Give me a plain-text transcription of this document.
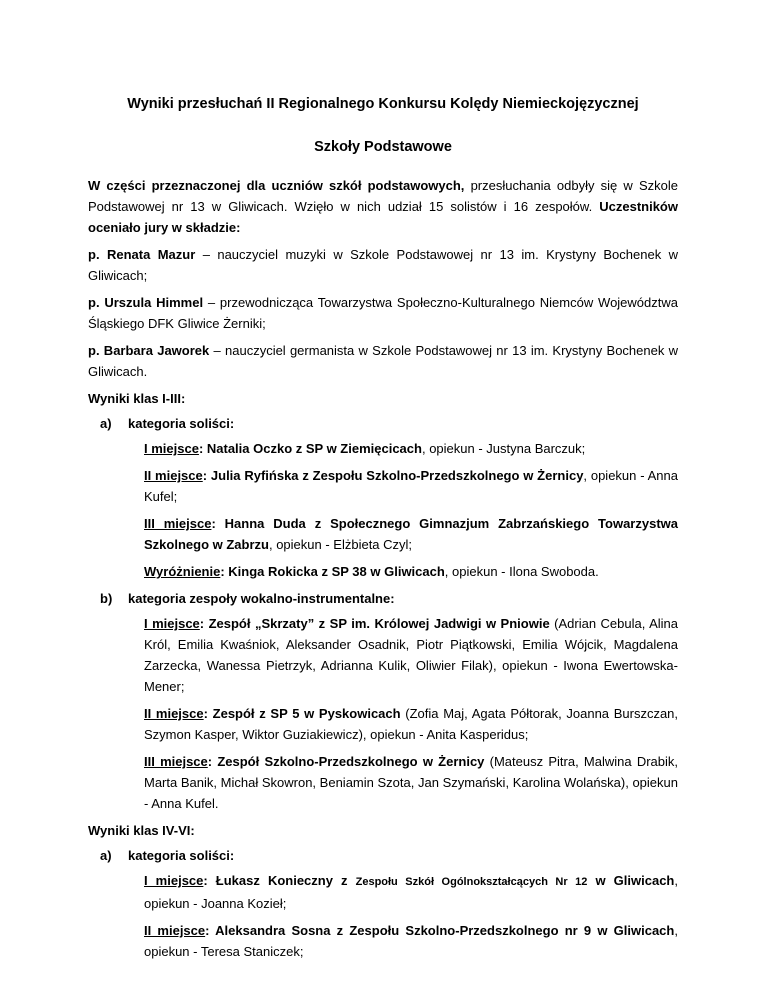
Wyniki przesłuchań II Regionalnego Konkursu Kolędy Niemieckojęzycznej
Szkoły Podstawowe

W części przeznaczonej dla uczniów szkół podstawowych, przesłuchania odbyły się w Szkole Podstawowej nr 13 w Gliwicach. Wzięło w nich udział 15 solistów i 16 zespołów. Uczestników oceniało jury w składzie:

p. Renata Mazur – nauczyciel muzyki w Szkole Podstawowej nr 13 im. Krystyny Bochenek w Gliwicach;

p. Urszula Himmel – przewodnicząca Towarzystwa Społeczno-Kulturalnego Niemców Województwa Śląskiego DFK Gliwice Żerniki;

p. Barbara Jaworek – nauczyciel germanista w Szkole Podstawowej nr 13 im. Krystyny Bochenek w Gliwicach.

Wyniki klas I-III:
a) kategoria soliści:

I miejsce: Natalia Oczko z SP w Ziemięcicach, opiekun - Justyna Barczuk;

II miejsce: Julia Ryfińska z Zespołu Szkolno-Przedszkolnego w Żernicy, opiekun - Anna Kufel;

III miejsce: Hanna Duda z Społecznego Gimnazjum Zabrzańskiego Towarzystwa Szkolnego w Zabrzu, opiekun - Elżbieta Czyl;

Wyróżnienie: Kinga Rokicka z SP 38 w Gliwicach, opiekun - Ilona Swoboda.

b) kategoria zespoły wokalno-instrumentalne:

I miejsce: Zespół „Skrzaty” z SP im. Królowej Jadwigi w Pniowie (Adrian Cebula, Alina Król, Emilia Kwaśniok, Aleksander Osadnik, Piotr Piątkowski, Emilia Wójcik, Magdalena Zarzecka, Wanessa Pietrzyk, Adrianna Kulik, Oliwier Filak), opiekun - Iwona Ewertowska-Mener;

II miejsce: Zespół z SP 5 w Pyskowicach (Zofia Maj, Agata Półtorak, Joanna Burszczan, Szymon Kasper, Wiktor Guziakiewicz), opiekun - Anita Kasperidus;

III miejsce: Zespół Szkolno-Przedszkolnego w Żernicy (Mateusz Pitra, Malwina Drabik, Marta Banik, Michał Skowron, Beniamin Szota, Jan Szymański, Karolina Wolańska), opiekun - Anna Kufel.

Wyniki klas IV-VI:
a) kategoria soliści:

I miejsce: Łukasz Konieczny z Zespołu Szkół Ogólnokształcących Nr 12 w Gliwicach, opiekun - Joanna Kozieł;

II miejsce: Aleksandra Sosna z Zespołu Szkolno-Przedszkolnego nr 9 w Gliwicach, opiekun - Teresa Staniczek;
